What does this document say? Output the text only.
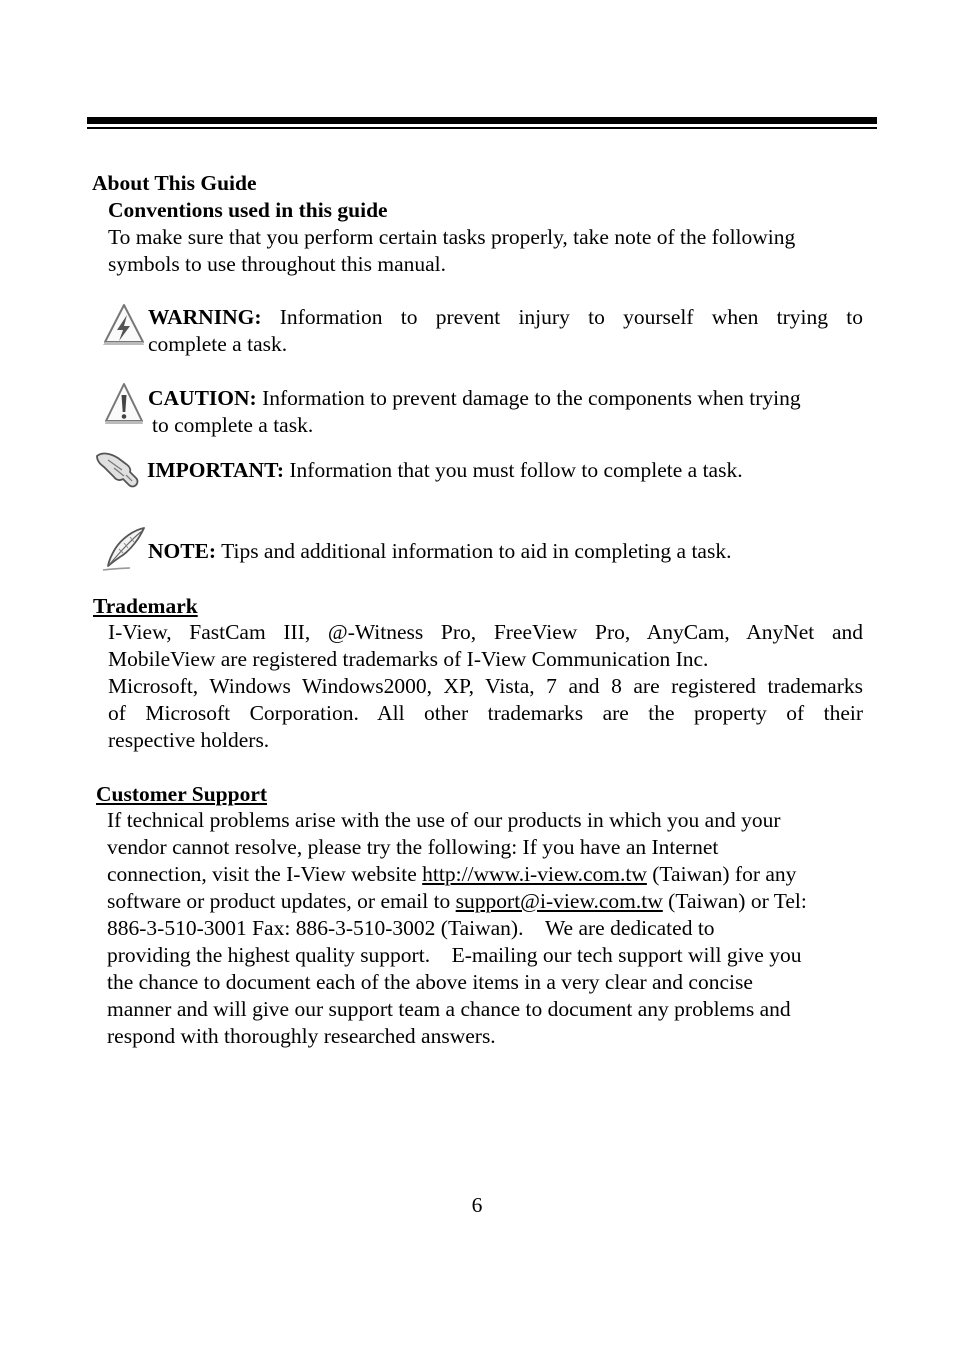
About This Guide
Conventions used in this guide
To make sure that you perform certain tasks properly, take note of the following
symbols to use throughout this manual.
WARNING: Information to prevent injury to yourself when trying to
complete a task.
CAUTION: Information to prevent damage to the components when trying
to complete a task.
IMPORTANT: Information that you must follow to complete a task.
NOTE: Tips and additional information to aid in completing a task.
Trademark
I-View, FastCam III, @-Witness Pro, FreeView Pro, AnyCam, AnyNet and
MobileView are registered trademarks of I-View Communication Inc.
Microsoft, Windows Windows2000, XP, Vista, 7 and 8 are registered trademarks
of Microsoft Corporation. All other trademarks are the property of their
respective holders.
Customer Support
If technical problems arise with the use of our products in which you and your
vendor cannot resolve, please try the following: If you have an Internet
connection, visit the I-View website http://www.i-view.com.tw (Taiwan) for any
software or product updates, or email to support@i-view.com.tw (Taiwan) or Tel:
886-3-510-3001 Fax: 886-3-510-3002 (Taiwan).　We are dedicated to
providing the highest quality support.　E-mailing our tech support will give you
the chance to document each of the above items in a very clear and concise
manner and will give our support team a chance to document any problems and
respond with thoroughly researched answers.
6
